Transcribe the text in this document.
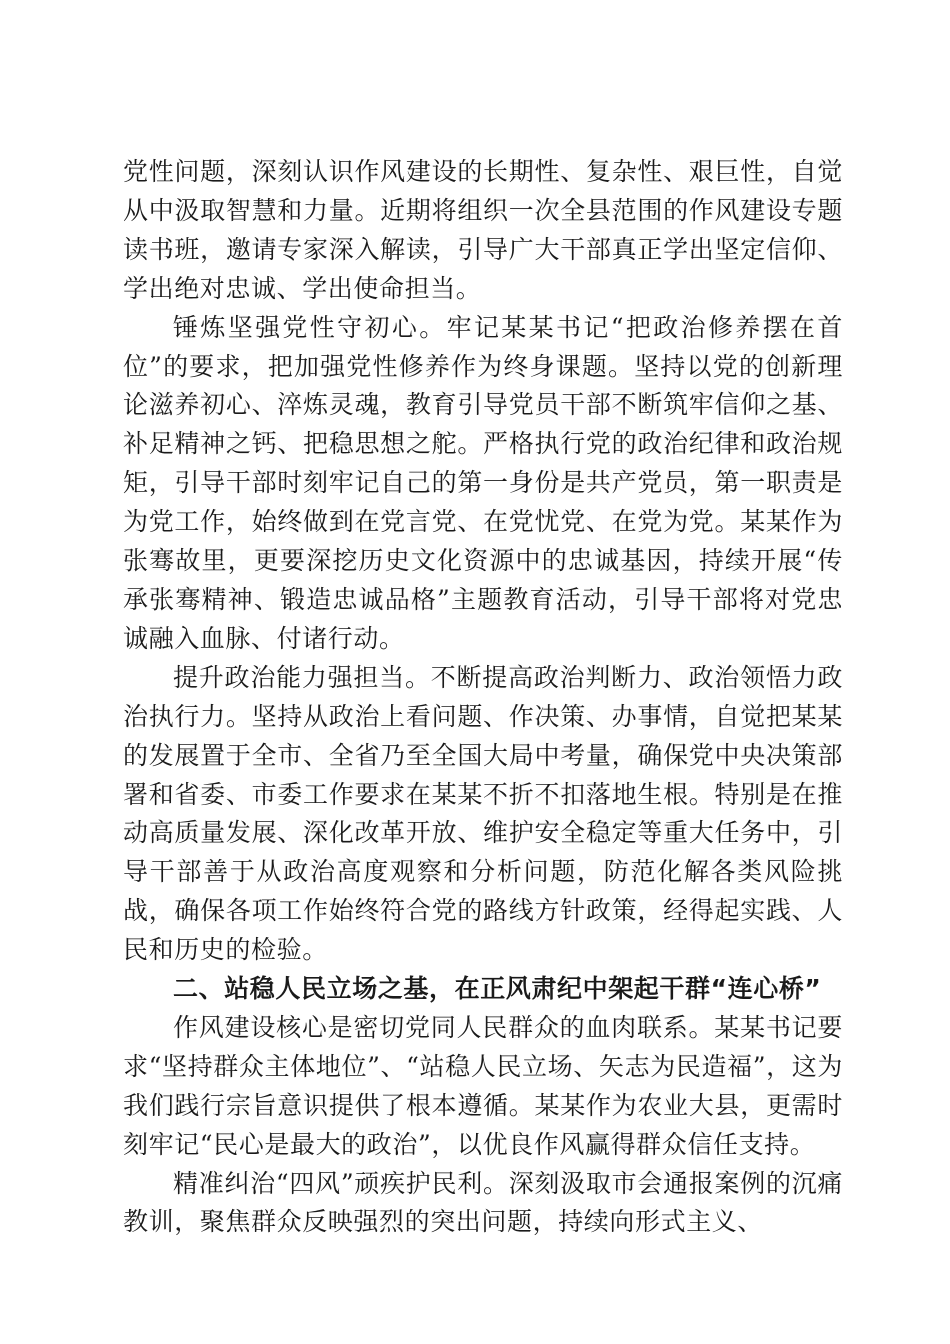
党性问题，深刻认识作风建设的长期性、复杂性、艰巨性，自觉从中汲取智慧和力量。近期将组织一次全县范围的作风建设专题读书班，邀请专家深入解读，引导广大干部真正学出坚定信仰、学出绝对忠诚、学出使命担当。

锤炼坚强党性守初心。牢记某某书记“把政治修养摆在首位”的要求，把加强党性修养作为终身课题。坚持以党的创新理论滋养初心、淬炼灵魂，教育引导党员干部不断筑牢信仰之基、补足精神之钙、把稳思想之舵。严格执行党的政治纪律和政治规矩，引导干部时刻牢记自己的第一身份是共产党员，第一职责是为党工作，始终做到在党言党、在党忧党、在党为党。某某作为张骞故里，更要深挖历史文化资源中的忠诚基因，持续开展“传承张骞精神、锻造忠诚品格”主题教育活动，引导干部将对党忠诚融入血脉、付诸行动。

提升政治能力强担当。不断提高政治判断力、政治领悟力政治执行力。坚持从政治上看问题、作决策、办事情，自觉把某某的发展置于全市、全省乃至全国大局中考量，确保党中央决策部署和省委、市委工作要求在某某不折不扣落地生根。特别是在推动高质量发展、深化改革开放、维护安全稳定等重大任务中，引导干部善于从政治高度观察和分析问题，防范化解各类风险挑战，确保各项工作始终符合党的路线方针政策，经得起实践、人民和历史的检验。

二、站稳人民立场之基，在正风肃纪中架起干群“连心桥”

作风建设核心是密切党同人民群众的血肉联系。某某书记要求“坚持群众主体地位”、“站稳人民立场、矢志为民造福”，这为我们践行宗旨意识提供了根本遵循。某某作为农业大县，更需时刻牢记“民心是最大的政治”，以优良作风赢得群众信任支持。

精准纠治“四风”顽疾护民利。深刻汲取市会通报案例的沉痛教训，聚焦群众反映强烈的突出问题，持续向形式主义、
